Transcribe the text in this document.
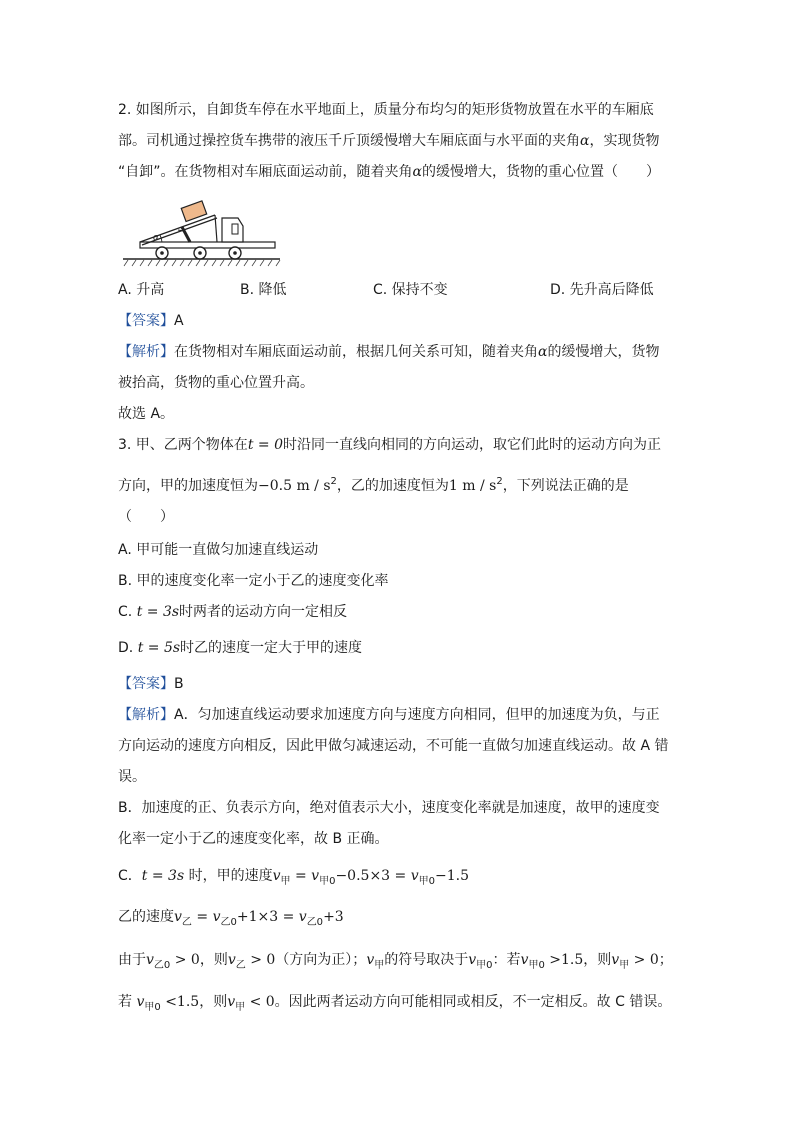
2. 如图所示，自卸货车停在水平地面上，质量分布均匀的矩形货物放置在水平的车厢底
部。司机通过操控货车携带的液压千斤顶缓慢增大车厢底面与水平面的夹角α，实现货物
“自卸”。在货物相对车厢底面运动前，随着夹角α的缓慢增大，货物的重心位置（　　）
α
A. 升高	B. 降低	C. 保持不变	D. 先升高后降低
【答案】A
【解析】在货物相对车厢底面运动前，根据几何关系可知，随着夹角α的缓慢增大，货物
被抬高，货物的重心位置升高。
故选 A。
3. 甲、乙两个物体在t = 0时沿同一直线向相同的方向运动，取它们此时的运动方向为正
方向，甲的加速度恒为−0.5 m / $s^2$，乙的加速度恒为1 m / $s^2$，下列说法正确的是
（　　）
A. 甲可能一直做匀加速直线运动
B. 甲的速度变化率一定小于乙的速度变化率
C. t = 3s时两者的运动方向一定相反
D. t = 5s时乙的速度一定大于甲的速度
【答案】B
【解析】A．匀加速直线运动要求加速度方向与速度方向相同，但甲的加速度为负，与正
方向运动的速度方向相反，因此甲做匀减速运动，不可能一直做匀加速直线运动。故 A 错
误。
B．加速度的正、负表示方向，绝对值表示大小，速度变化率就是加速度，故甲的速度变
化率一定小于乙的速度变化率，故 B 正确。
C．t = 3s 时，甲的速度$v_甲 = v_{甲0}-0.5\times 3 = v_{甲0}-1.5$
乙的速度$v_乙 = v_{乙0}+1\times 3 = v_{乙0}+3$
由于$v_{乙0} > 0$，则$v_乙 > 0$（方向为正）；$v_甲$的符号取决于$v_{甲0}$：若$v_{甲0} >1.5$，则$v_甲 > 0$；
若 $v_{甲0} <1.5$，则$v_甲 < 0$。因此两者运动方向可能相同或相反，不一定相反。故 C 错误。
